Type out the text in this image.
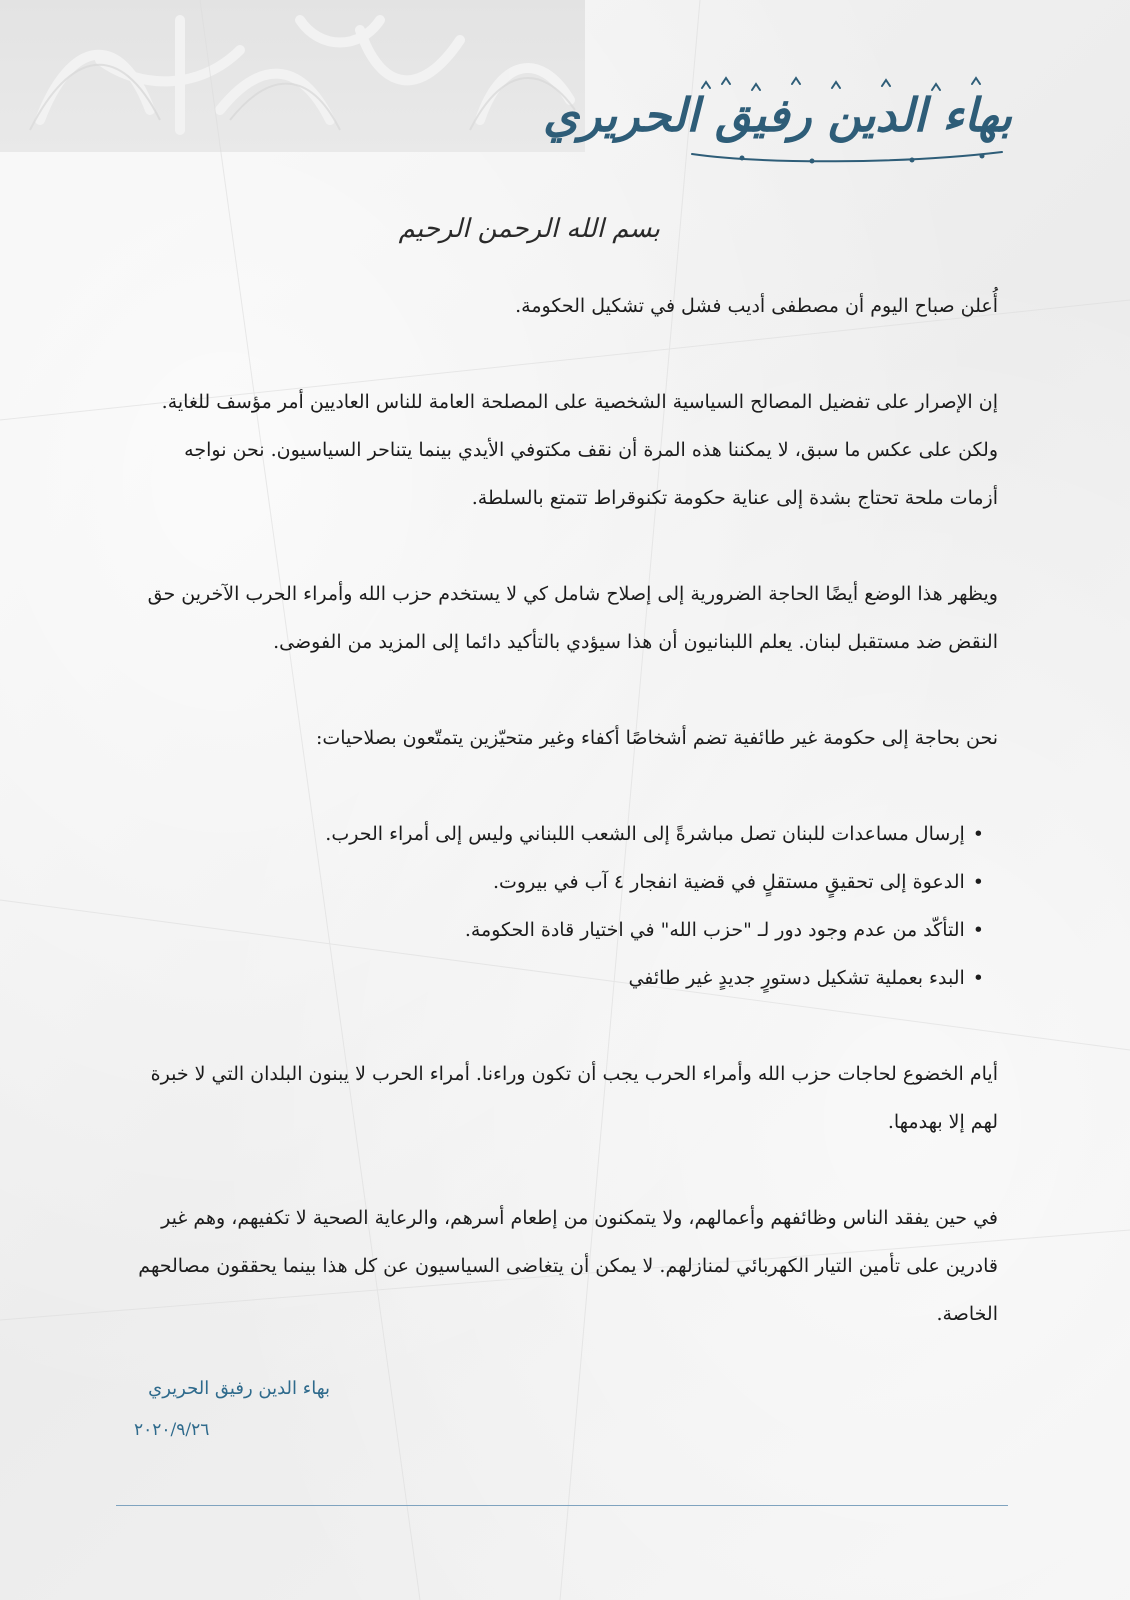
بهاء الدين رفيق الحريري
بسم الله الرحمن الرحيم

أُعلن صباح اليوم أن مصطفى أديب فشل في تشكيل الحكومة.

إن الإصرار على تفضيل المصالح السياسية الشخصية على المصلحة العامة للناس العاديين أمر مؤسف للغاية. ولكن على عكس ما سبق، لا يمكننا هذه المرة أن نقف مكتوفي الأيدي بينما يتناحر السياسيون. نحن نواجه أزمات ملحة تحتاج بشدة إلى عناية حكومة تكنوقراط تتمتع بالسلطة.

ويظهر هذا الوضع أيضًا الحاجة الضرورية إلى إصلاح شامل كي لا يستخدم حزب الله وأمراء الحرب الآخرين حق النقض ضد مستقبل لبنان. يعلم اللبنانيون أن هذا سيؤدي بالتأكيد دائما إلى المزيد من الفوضى.

نحن بحاجة إلى حكومة غير طائفية تضم أشخاصًا أكفاء وغير متحيّزين يتمتّعون بصلاحيات:

•إرسال مساعدات للبنان تصل مباشرةً إلى الشعب اللبناني وليس إلى أمراء الحرب.
•الدعوة إلى تحقيقٍ مستقلٍ في قضية انفجار ٤ آب في بيروت.
•التأكّد من عدم وجود دور لـ "حزب الله" في اختيار قادة الحكومة.
•البدء بعملية تشكيل دستورٍ جديدٍ غير طائفي

أيام الخضوع لحاجات حزب الله وأمراء الحرب يجب أن تكون وراءنا. أمراء الحرب لا يبنون البلدان التي لا خبرة لهم إلا بهدمها.

في حين يفقد الناس وظائفهم وأعمالهم، ولا يتمكنون من إطعام أسرهم، والرعاية الصحية لا تكفيهم، وهم غير قادرين على تأمين التيار الكهربائي لمنازلهم. لا يمكن أن يتغاضى السياسيون عن كل هذا بينما يحققون مصالحهم الخاصة.

بهاء الدين رفيق الحريري
٢٠٢٠/٩/٢٦
